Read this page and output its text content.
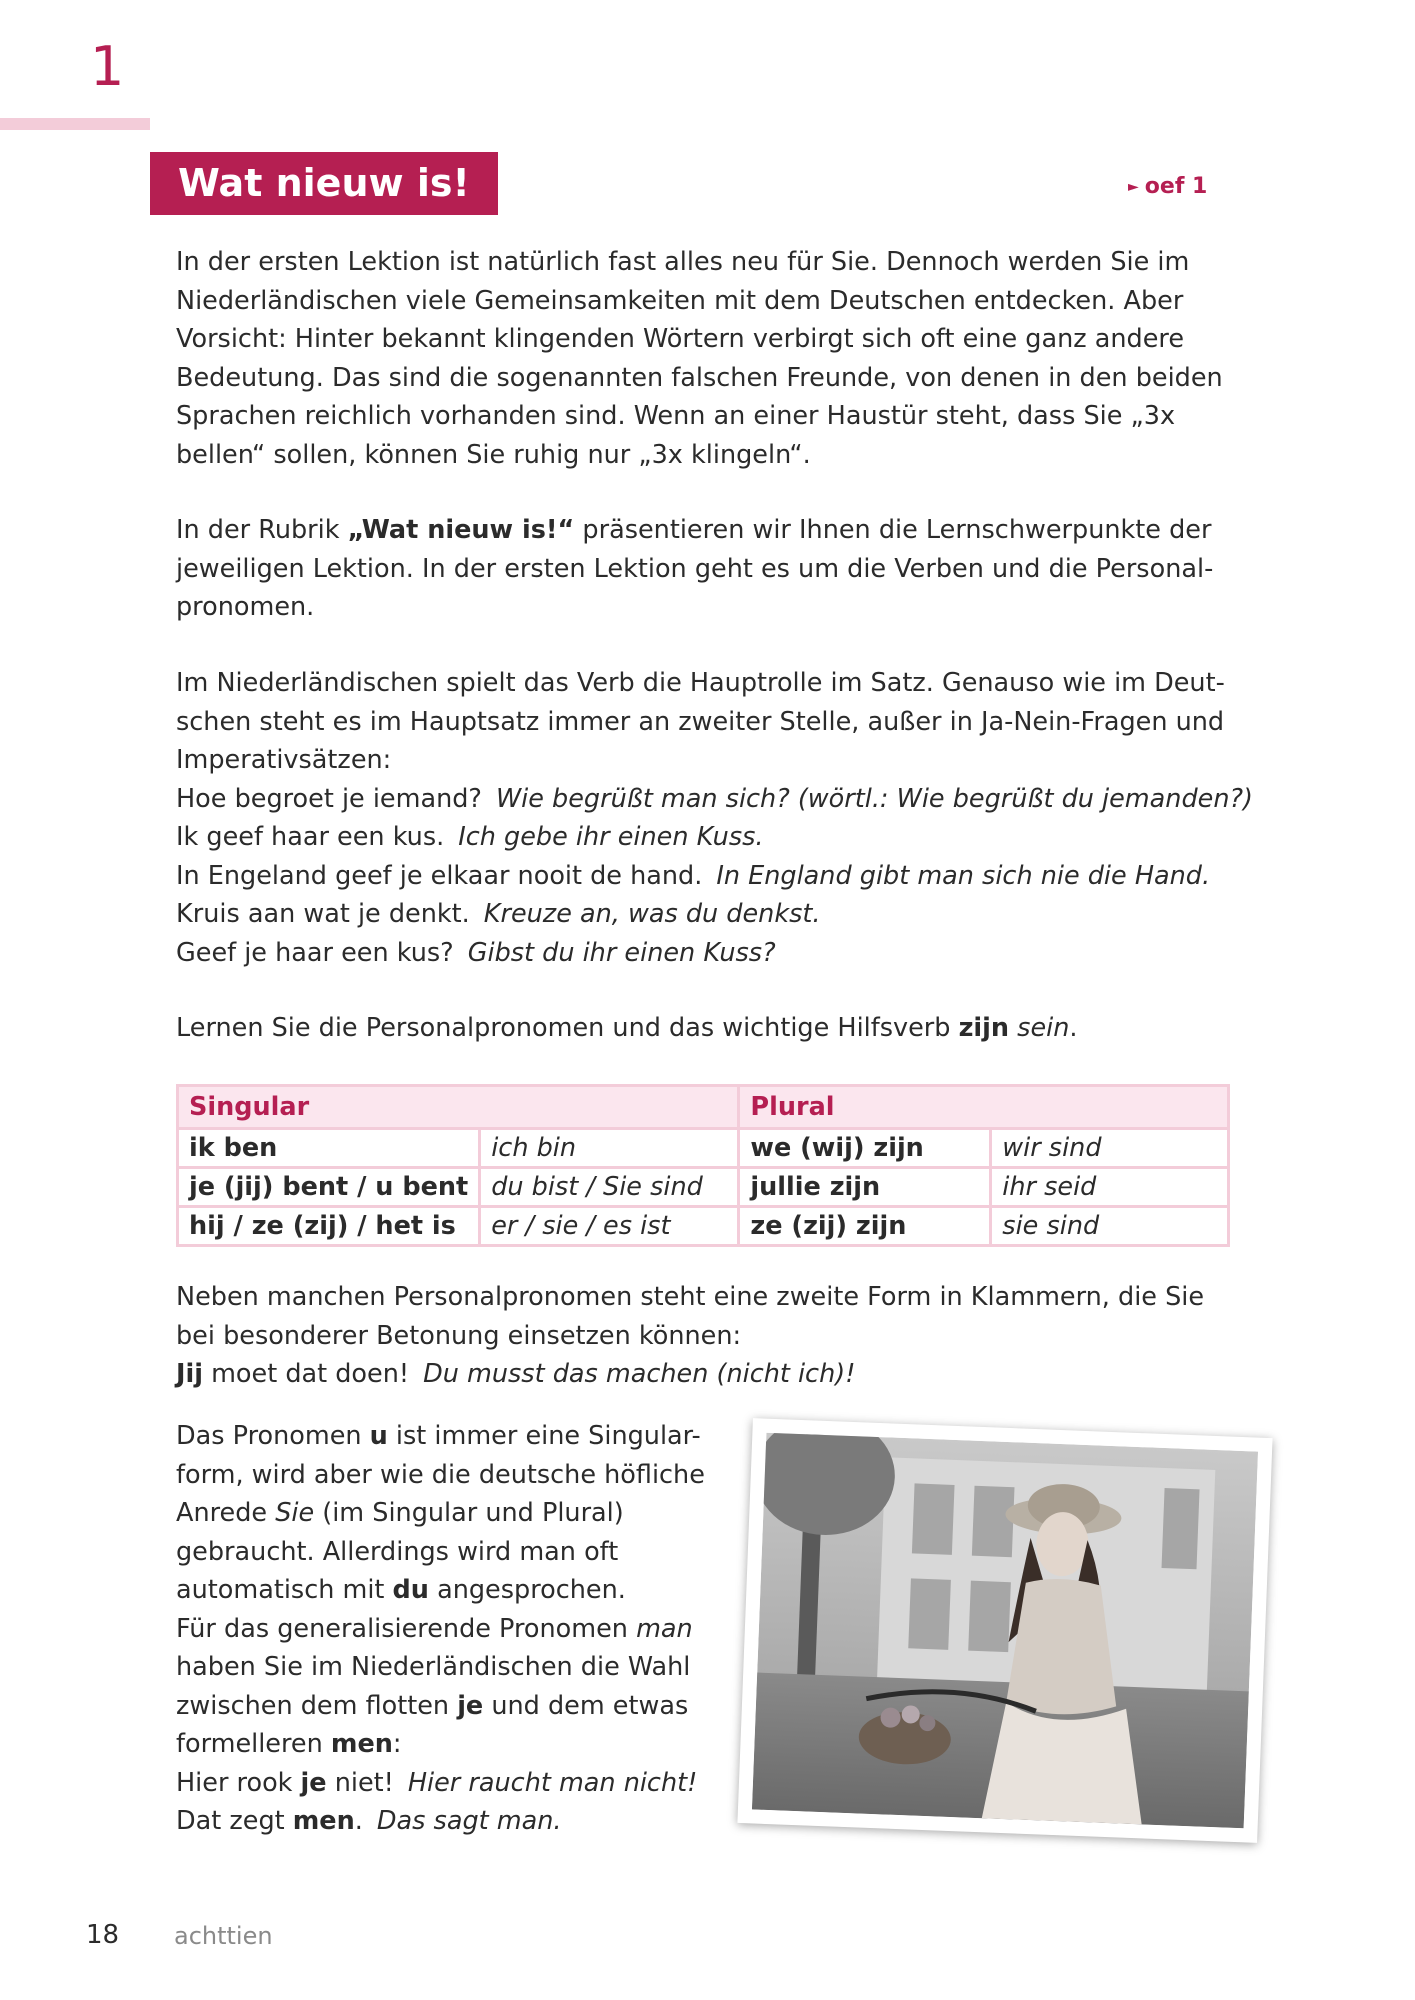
1
Wat nieuw is!	► oef 1
In der ersten Lektion ist natürlich fast alles neu für Sie. Dennoch werden Sie im
Niederländischen viele Gemeinsamkeiten mit dem Deutschen entdecken. Aber
Vorsicht: Hinter bekannt klingenden Wörtern verbirgt sich oft eine ganz andere
Bedeutung. Das sind die sogenannten falschen Freunde, von denen in den beiden
Sprachen reichlich vorhanden sind. Wenn an einer Haustür steht, dass Sie „3x
bellen“ sollen, können Sie ruhig nur „3x klingeln“.
In der Rubrik „Wat nieuw is!“ präsentieren wir Ihnen die Lernschwerpunkte der
jeweiligen Lektion. In der ersten Lektion geht es um die Verben und die Personal-
pronomen.
Im Niederländischen spielt das Verb die Hauptrolle im Satz. Genauso wie im Deut-
schen steht es im Hauptsatz immer an zweiter Stelle, außer in Ja-Nein-Fragen und
Imperativsätzen:
Hoe begroet je iemand? Wie begrüßt man sich? (wörtl.: Wie begrüßt du jemanden?)
Ik geef haar een kus. Ich gebe ihr einen Kuss.
In Engeland geef je elkaar nooit de hand. In England gibt man sich nie die Hand.
Kruis aan wat je denkt. Kreuze an, was du denkst.
Geef je haar een kus? Gibst du ihr einen Kuss?
Lernen Sie die Personalpronomen und das wichtige Hilfsverb zijn sein.
Singular		Plural	
ik ben	ich bin	we (wij) zijn	wir sind
je (jij) bent / u bent	du bist / Sie sind	jullie zijn	ihr seid
hij / ze (zij) / het is	er / sie / es ist	ze (zij) zijn	sie sind
Neben manchen Personalpronomen steht eine zweite Form in Klammern, die Sie
bei besonderer Betonung einsetzen können:
Jij moet dat doen! Du musst das machen (nicht ich)!
Das Pronomen u ist immer eine Singular-
form, wird aber wie die deutsche höfliche
Anrede Sie (im Singular und Plural)
gebraucht. Allerdings wird man oft
automatisch mit du angesprochen.
Für das generalisierende Pronomen man
haben Sie im Niederländischen die Wahl
zwischen dem flotten je und dem etwas
formelleren men:
Hier rook je niet! Hier raucht man nicht!
Dat zegt men. Das sagt man.
18 achttien
